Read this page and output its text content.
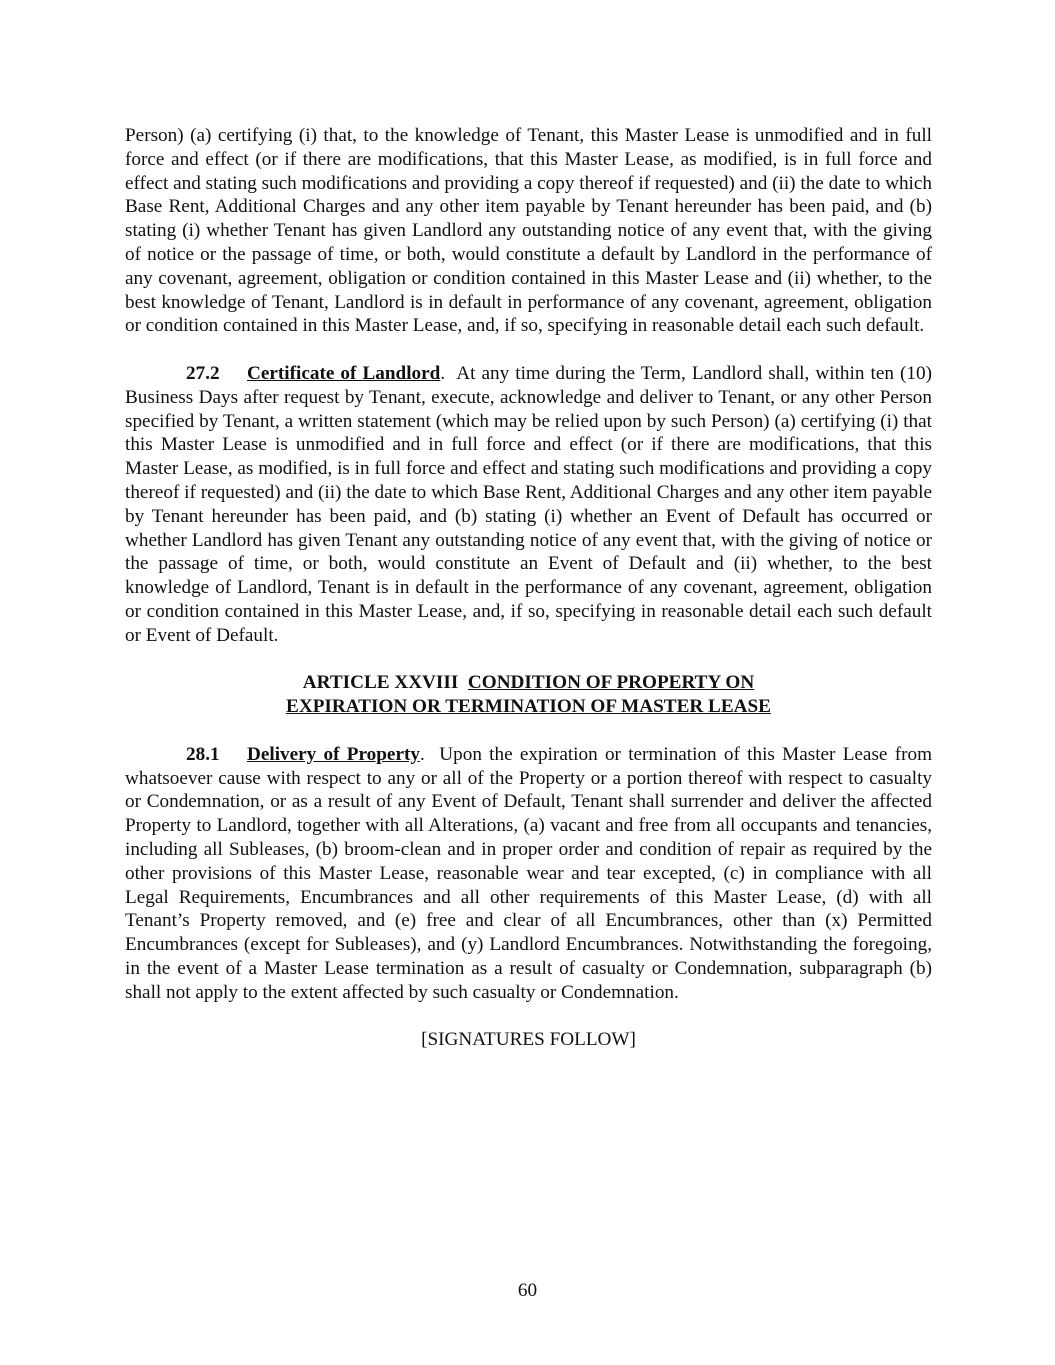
Person) (a) certifying (i) that, to the knowledge of Tenant, this Master Lease is unmodified and in full force and effect (or if there are modifications, that this Master Lease, as modified, is in full force and effect and stating such modifications and providing a copy thereof if requested) and (ii) the date to which Base Rent, Additional Charges and any other item payable by Tenant hereunder has been paid, and (b) stating (i) whether Tenant has given Landlord any outstanding notice of any event that, with the giving of notice or the passage of time, or both, would constitute a default by Landlord in the performance of any covenant, agreement, obligation or condition contained in this Master Lease and (ii) whether, to the best knowledge of Tenant, Landlord is in default in performance of any covenant, agreement, obligation or condition contained in this Master Lease, and, if so, specifying in reasonable detail each such default.

27.2 Certificate of Landlord. At any time during the Term, Landlord shall, within ten (10) Business Days after request by Tenant, execute, acknowledge and deliver to Tenant, or any other Person specified by Tenant, a written statement (which may be relied upon by such Person) (a) certifying (i) that this Master Lease is unmodified and in full force and effect (or if there are modifications, that this Master Lease, as modified, is in full force and effect and stating such modifications and providing a copy thereof if requested) and (ii) the date to which Base Rent, Additional Charges and any other item payable by Tenant hereunder has been paid, and (b) stating (i) whether an Event of Default has occurred or whether Landlord has given Tenant any outstanding notice of any event that, with the giving of notice or the passage of time, or both, would constitute an Event of Default and (ii) whether, to the best knowledge of Landlord, Tenant is in default in the performance of any covenant, agreement, obligation or condition contained in this Master Lease, and, if so, specifying in reasonable detail each such default or Event of Default.

ARTICLE XXVIII CONDITION OF PROPERTY ON

EXPIRATION OR TERMINATION OF MASTER LEASE

28.1 Delivery of Property. Upon the expiration or termination of this Master Lease from whatsoever cause with respect to any or all of the Property or a portion thereof with respect to casualty or Condemnation, or as a result of any Event of Default, Tenant shall surrender and deliver the affected Property to Landlord, together with all Alterations, (a) vacant and free from all occupants and tenancies, including all Subleases, (b) broom-clean and in proper order and condition of repair as required by the other provisions of this Master Lease, reasonable wear and tear excepted, (c) in compliance with all Legal Requirements, Encumbrances and all other requirements of this Master Lease, (d) with all Tenant’s Property removed, and (e) free and clear of all Encumbrances, other than (x) Permitted Encumbrances (except for Subleases), and (y) Landlord Encumbrances. Notwithstanding the foregoing, in the event of a Master Lease termination as a result of casualty or Condemnation, subparagraph (b) shall not apply to the extent affected by such casualty or Condemnation.

[SIGNATURES FOLLOW]

60
